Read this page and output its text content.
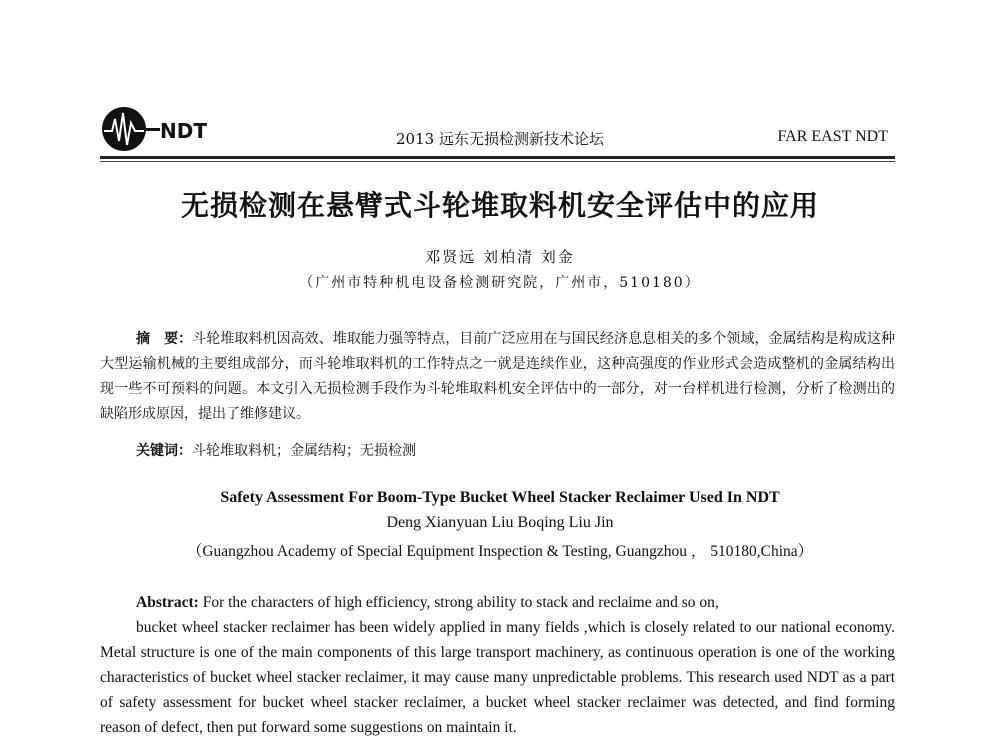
NDT	2013 远东无损检测新技术论坛	FAR EAST NDT
无损检测在悬臂式斗轮堆取料机安全评估中的应用
邓贤远 刘柏清 刘金
（广州市特种机电设备检测研究院，广州市，510180）

摘　要：斗轮堆取料机因高效、堆取能力强等特点，目前广泛应用在与国民经济息息相关的多个领域，金属结构是构成这种大型运输机械的主要组成部分，而斗轮堆取料机的工作特点之一就是连续作业，这种高强度的作业形式会造成整机的金属结构出现一些不可预料的问题。本文引入无损检测手段作为斗轮堆取料机安全评估中的一部分，对一台样机进行检测，分析了检测出的缺陷形成原因，提出了维修建议。

关键词：斗轮堆取料机；金属结构；无损检测
Safety Assessment For Boom-Type Bucket Wheel Stacker Reclaimer Used In NDT
Deng Xianyuan Liu Boqing Liu Jin
（Guangzhou Academy of Special Equipment Inspection & Testing, Guangzhou ， 510180,China）

Abstract: For the characters of high efficiency, strong ability to stack and reclaime and so on,

bucket wheel stacker reclaimer has been widely applied in many fields ,which is closely related to our national economy. Metal structure is one of the main components of this large transport machinery, as continuous operation is one of the working characteristics of bucket wheel stacker reclaimer, it may cause many unpredictable problems. This research used NDT as a part of safety assessment for bucket wheel stacker reclaimer, a bucket wheel stacker reclaimer was detected, and find forming reason of defect, then put forward some suggestions on maintain it.
